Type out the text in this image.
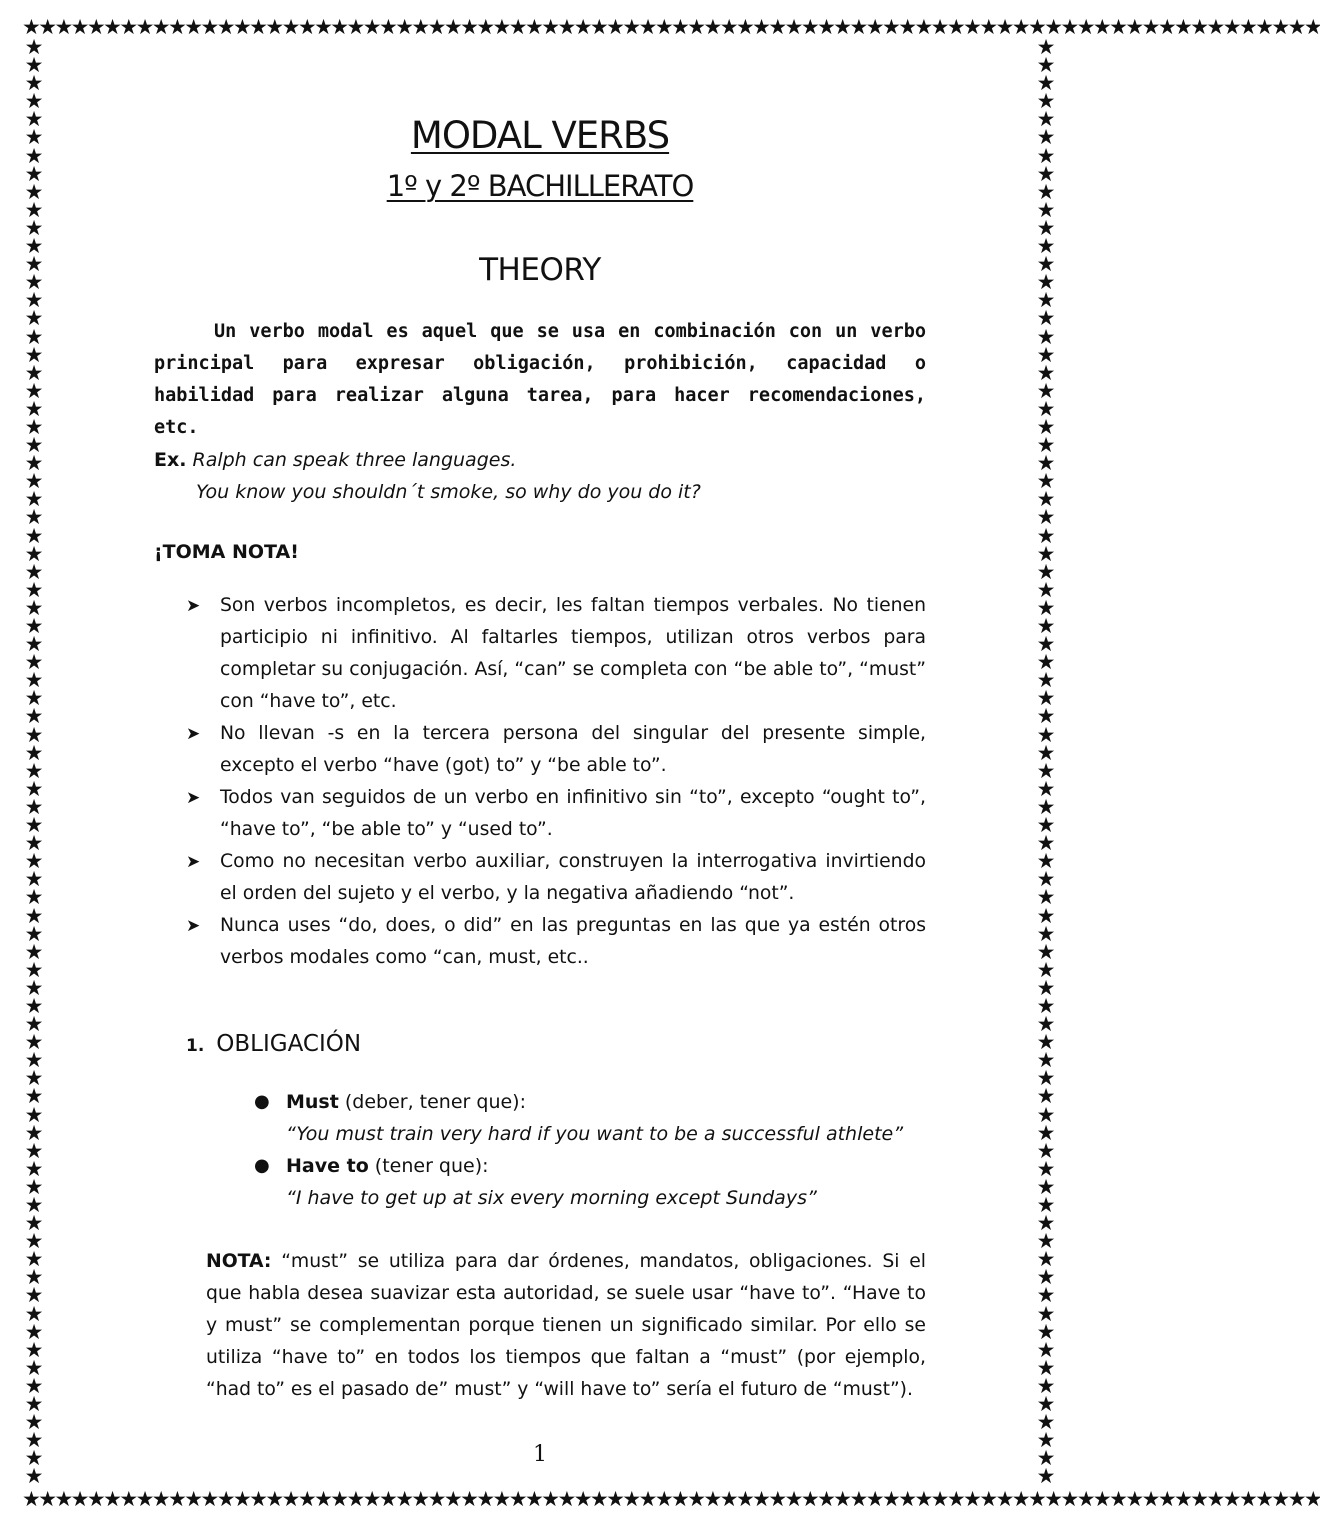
★★★★★★★★★★★★★★★★★★★★★★★★★★★★★★★★★★★★★★★★★★★★★★★★★★★★★★★★★★★★★★★★★★★★★★★★★★★★★★★★
★★★★★★★★★★★★★★★★★★★★★★★★★★★★★★★★★★★★★★★★★★★★★★★★★★★★★★★★★★★★★★★★★★★★★★★★★★★★★★★★
★
★
★
★
★
★
★
★
★
★
★
★
★
★
★
★
★
★
★
★
★
★
★
★
★
★
★
★
★
★
★
★
★
★
★
★
★
★
★
★
★
★
★
★
★
★
★
★
★
★
★
★
★
★
★
★
★
★
★
★
★
★
★
★
★
★
★
★
★
★
★
★
★
★
★
★
★
★
★
★
★
★
★
★
★
★
★
★
★
★
★
★
★
★
★
★
★
★
★
★
★
★
★
★
★
★
★
★
★
★
★
★
★
★
★
★
★
★
★
★
★
★
★
★
★
★
★
★
★
★
★
★
★
★
★
★
★
★
★
★
★
★
★
★
★
★
★
★
★
★
★
★
★
★
★
★
★
★
★
★
MODAL VERBS
1º y 2º BACHILLERATO
THEORY

Un verbo modal es aquel que se usa en combinación con un verbo principal para expresar obligación, prohibición, capacidad o habilidad para realizar alguna tarea, para hacer recomendaciones, etc.

Ex. Ralph can speak three languages.
You know you shouldn´t smoke, so why do you do it?
¡TOMA NOTA!
➤ Son verbos incompletos, es decir, les faltan tiempos verbales. No tienen participio ni infinitivo. Al faltarles tiempos, utilizan otros verbos para completar su conjugación. Así, “can” se completa con “be able to”, “must” con “have to”, etc.
➤ No llevan -s en la tercera persona del singular del presente simple, excepto el verbo “have (got) to” y “be able to”.
➤ Todos van seguidos de un verbo en infinitivo sin “to”, excepto “ought to”, “have to”, “be able to” y “used to”.
➤ Como no necesitan verbo auxiliar, construyen la interrogativa invirtiendo el orden del sujeto y el verbo, y la negativa añadiendo “not”.
➤ Nunca uses “do, does, o did” en las preguntas en las que ya estén otros verbos modales como “can, must, etc..
1. OBLIGACIÓN
● Must (deber, tener que):
“You must train very hard if you want to be a successful athlete”
● Have to (tener que):
“I have to get up at six every morning except Sundays”

NOTA: “must” se utiliza para dar órdenes, mandatos, obligaciones. Si el que habla desea suavizar esta autoridad, se suele usar “have to”. “Have to y must” se complementan porque tienen un significado similar. Por ello se utiliza “have to” en todos los tiempos que faltan a “must” (por ejemplo, “had to” es el pasado de” must” y “will have to” sería el futuro de “must”).

1
